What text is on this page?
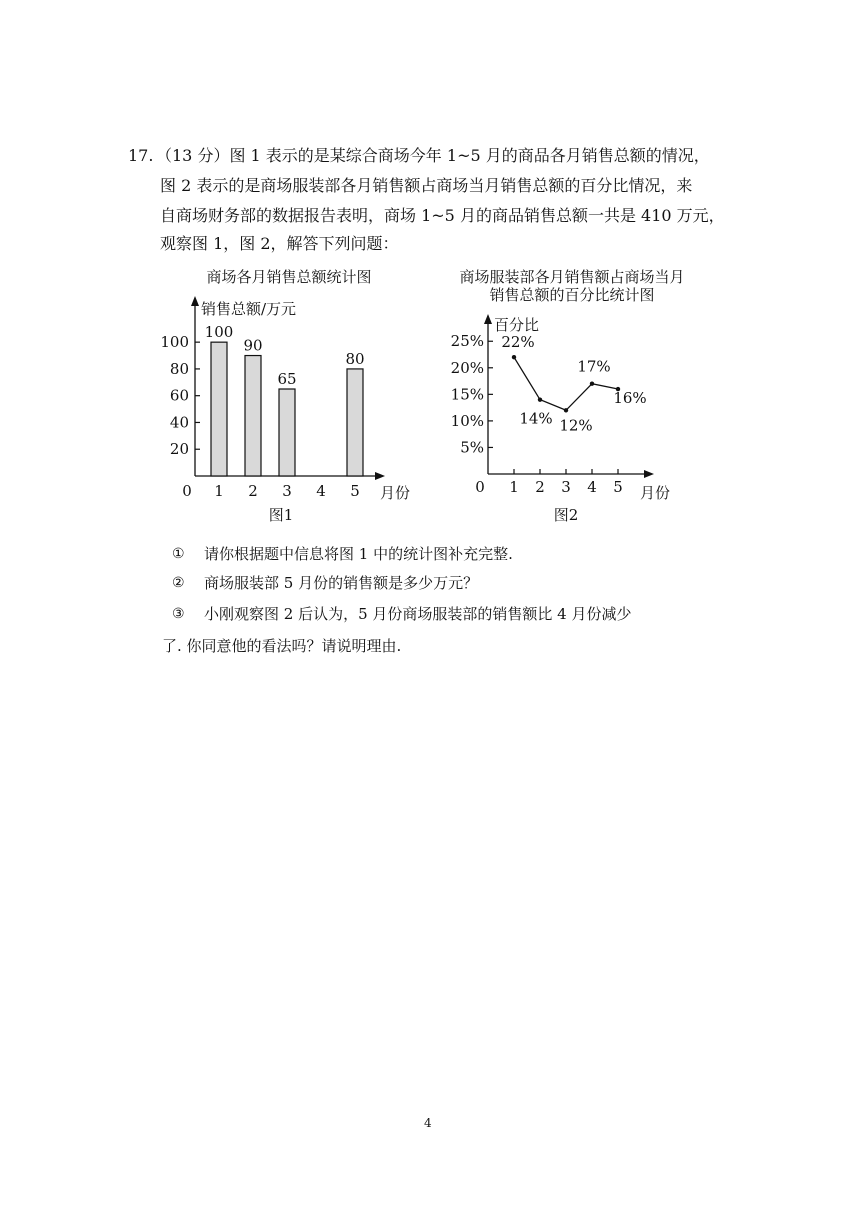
17. （13 分）图 1 表示的是某综合商场今年 1~5 月的商品各月销售总额的情况，
图 2 表示的是商场服装部各月销售额占商场当月销售总额的百分比情况，来
自商场财务部的数据报告表明，商场 1~5 月的商品销售总额一共是 410 万元，
观察图 1，图 2，解答下列问题：
商场各月销售总额统计图
销售总额/万元
20
40
60
80
100
100
90
65
80
1 2 3 4 5
0	月份
图1
商场服装部各月销售额占商场当月
销售总额的百分比统计图
百分比
5%
10%
15%
20%
25%
1 2 3 4 5
22%
14% 12%
17%
16%
0	月份
图2
① 请你根据题中信息将图 1 中的统计图补充完整.
② 商场服装部 5 月份的销售额是多少万元？
③ 小刚观察图 2 后认为，5 月份商场服装部的销售额比 4 月份减少
了. 你同意他的看法吗？请说明理由.
4
